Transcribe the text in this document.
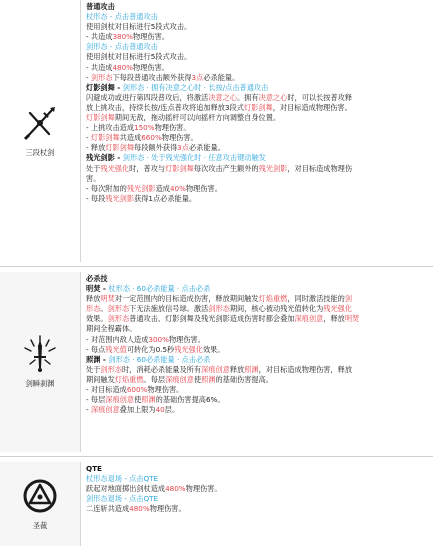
三段杖剑
普通攻击
杖形态 - 点击普通攻击
使用剑杖对目标进行5段式攻击。
- 共造成380%物理伤害。
剑形态 - 点击普通攻击
使用剑杖对目标进行5段式攻击。
- 共造成480%物理伤害。
- 剑形态下每段普通攻击额外获得3点必杀能量。
灯影剑舞 - 剑形态 · 拥有决意之心时 · 长按/点击普通攻击
闪避成功或进行第四段普攻后，将激活决意之心。拥有决意之心时，可以长按普攻释
放上挑攻击，持续长按/连点普攻将追加释放3段式灯影剑舞，对目标造成物理伤害。
灯影剑舞期间无敌，拖动摇杆可以向摇杆方向调整自身位置。
- 上挑攻击造成150%物理伤害。
- 灯影剑舞共造成660%物理伤害。
- 释放灯影剑舞每段额外获得3点必杀能量。
残光剑影 - 剑形态 · 处于残光强化时 · 任意攻击键动触发
处于残光强化时，普攻与灯影剑舞每次攻击产生额外的残光剑影，对目标造成物理伤
害。
- 每次附加的残光剑影造成40%物理伤害。
- 每段残光剑影获得1点必杀能量。
剑瞬刹渊
必杀技
明焚 - 杖形态 · 60必杀能量 · 点击必杀
释放明焚对一定范围内的目标造成伤害，释放期间触发灯焰重燃，同时激活技能的剑
形态。剑形态下无法施放信号球。激活剑形态期间，核心被动残光值转化为残光强化
效果。剑形态普通攻击、灯影剑舞及残光剑影造成伤害时都会叠加深痕创意，释放明焚
期间全程霸体。
- 对范围内敌人造成300%物理伤害。
- 每点残光值可转化为0.5秒残光强化效果。
照渊 - 剑形态 · 60必杀能量 · 点击必杀
处于剑形态时，消耗必杀能量及所有深痕创意释放照渊，对目标造成物理伤害，释放
期间触发灯焰重燃。每层深痕创意使照渊的基础伤害提高。
- 对目标造成600%物理伤害。
- 每层深痕创意使照渊的基础伤害提高6%。
- 深痕创意叠加上限为40层。
圣裁
QTE
杖形态退场 - 点击QTE
跃起对地面掷出剑杖造成480%物理伤害。
剑形态退场 - 点击QTE
二连斩共造成480%物理伤害。
